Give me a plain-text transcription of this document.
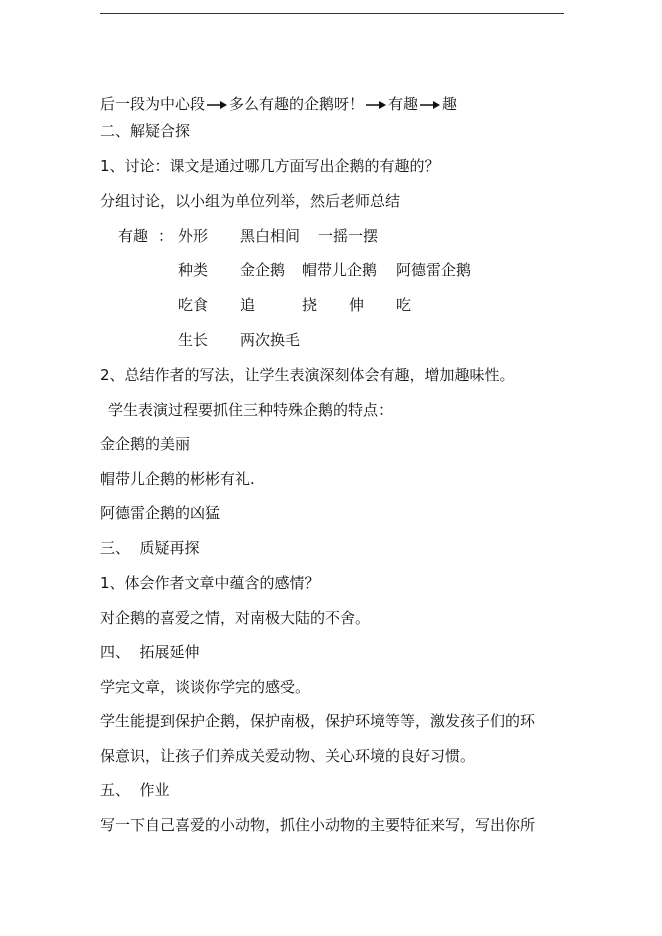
后一段为中心段 多么有趣的企鹅呀！ 有趣 趣
二、解疑合探
1、讨论：课文是通过哪几方面写出企鹅的有趣的？
分组讨论，以小组为单位列举，然后老师总结
有趣 ： 外形 黑白相间 一摇一摆
种类 金企鹅 帽带儿企鹅 阿德雷企鹅
吃食 追	挠 伸 吃
生长 两次换毛
2、总结作者的写法，让学生表演深刻体会有趣，增加趣味性。
学生表演过程要抓住三种特殊企鹅的特点：
金企鹅的美丽
帽带儿企鹅的彬彬有礼.
阿德雷企鹅的凶猛
三、  质疑再探
1、体会作者文章中蕴含的感情？
对企鹅的喜爱之情，对南极大陆的不舍。
四、  拓展延伸
学完文章，谈谈你学完的感受。
学生能提到保护企鹅，保护南极，保护环境等等，激发孩子们的环
保意识，让孩子们养成关爱动物、关心环境的良好习惯。
五、  作业
写一下自己喜爱的小动物，抓住小动物的主要特征来写，写出你所
